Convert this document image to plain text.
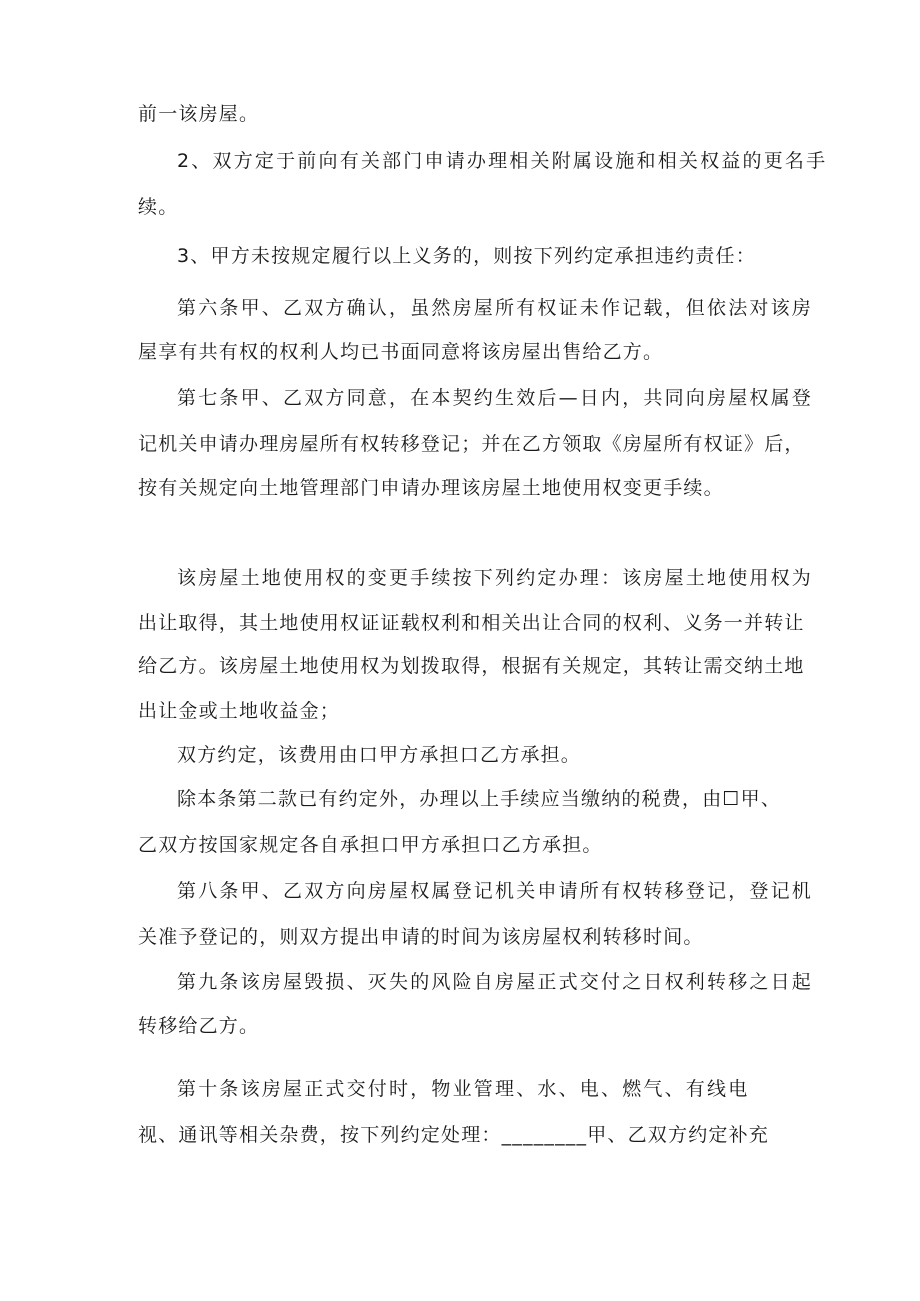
前一该房屋。
2、双方定于前向有关部门申请办理相关附属设施和相关权益的更名手
续。
3、甲方未按规定履行以上义务的，则按下列约定承担违约责任：
第六条甲、乙双方确认，虽然房屋所有权证未作记载，但依法对该房
屋享有共有权的权利人均已书面同意将该房屋出售给乙方。
第七条甲、乙双方同意，在本契约生效后—日内，共同向房屋权属登
记机关申请办理房屋所有权转移登记；并在乙方领取《房屋所有权证》后，
按有关规定向土地管理部门申请办理该房屋土地使用权变更手续。
该房屋土地使用权的变更手续按下列约定办理：该房屋土地使用权为
出让取得，其土地使用权证证载权利和相关出让合同的权利、义务一并转让
给乙方。该房屋土地使用权为划拨取得，根据有关规定，其转让需交纳土地
出让金或土地收益金；
双方约定，该费用由口甲方承担口乙方承担。
除本条第二款已有约定外，办理以上手续应当缴纳的税费，由☐甲、
乙双方按国家规定各自承担口甲方承担口乙方承担。
第八条甲、乙双方向房屋权属登记机关申请所有权转移登记，登记机
关准予登记的，则双方提出申请的时间为该房屋权利转移时间。
第九条该房屋毁损、灭失的风险自房屋正式交付之日权利转移之日起
转移给乙方。
第十条该房屋正式交付时，物业管理、水、电、燃气、有线电
视、通讯等相关杂费，按下列约定处理：________甲、乙双方约定补充
